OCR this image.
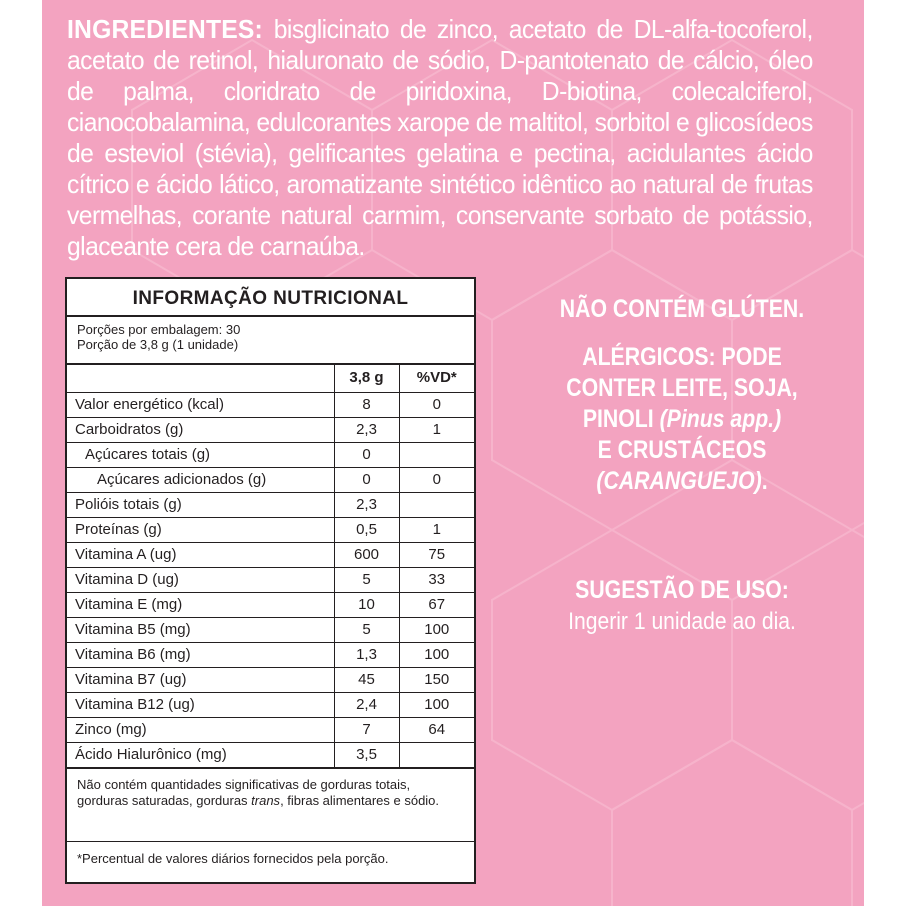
INGREDIENTES: bisglicinato de zinco, acetato de DL-alfa-tocoferol, acetato de retinol, hialuronato de sódio, D-pantotenato de cálcio, óleo de palma, cloridrato de piridoxina, D-biotina, colecalciferol, cianocobalamina, edulcorantes xarope de maltitol, sorbitol e glicosídeos de esteviol (stévia), gelificantes gelatina e pectina, acidulantes ácido cítrico e ácido lático, aromatizante sintético idêntico ao natural de frutas vermelhas, corante natural carmim, conservante sorbato de potássio, glaceante cera de carnaúba.
INFORMAÇÃO NUTRICIONAL
Porções por embalagem: 30
Porção de 3,8 g (1 unidade)
	3,8 g	%VD*
Valor energético (kcal)	8	0
Carboidratos (g)	2,3	1
Açúcares totais (g)	0	
Açúcares adicionados (g)	0	0
Polióis totais (g)	2,3	
Proteínas (g)	0,5	1
Vitamina A (ug)	600	75
Vitamina D (ug)	5	33
Vitamina E (mg)	10	67
Vitamina B5 (mg)	5	100
Vitamina B6 (mg)	1,3	100
Vitamina B7 (ug)	45	150
Vitamina B12 (ug)	2,4	100
Zinco (mg)	7	64
Ácido Hialurônico (mg)	3,5	
Não contém quantidades significativas de gorduras totais, gorduras saturadas, gorduras trans, fibras alimentares e sódio.
*Percentual de valores diários fornecidos pela porção.
NÃO CONTÉM GLÚTEN.
ALÉRGICOS: PODE
CONTER LEITE, SOJA,
PINOLI (Pinus app.)
E CRUSTÁCEOS
(CARANGUEJO).
SUGESTÃO DE USO:
Ingerir 1 unidade ao dia.
